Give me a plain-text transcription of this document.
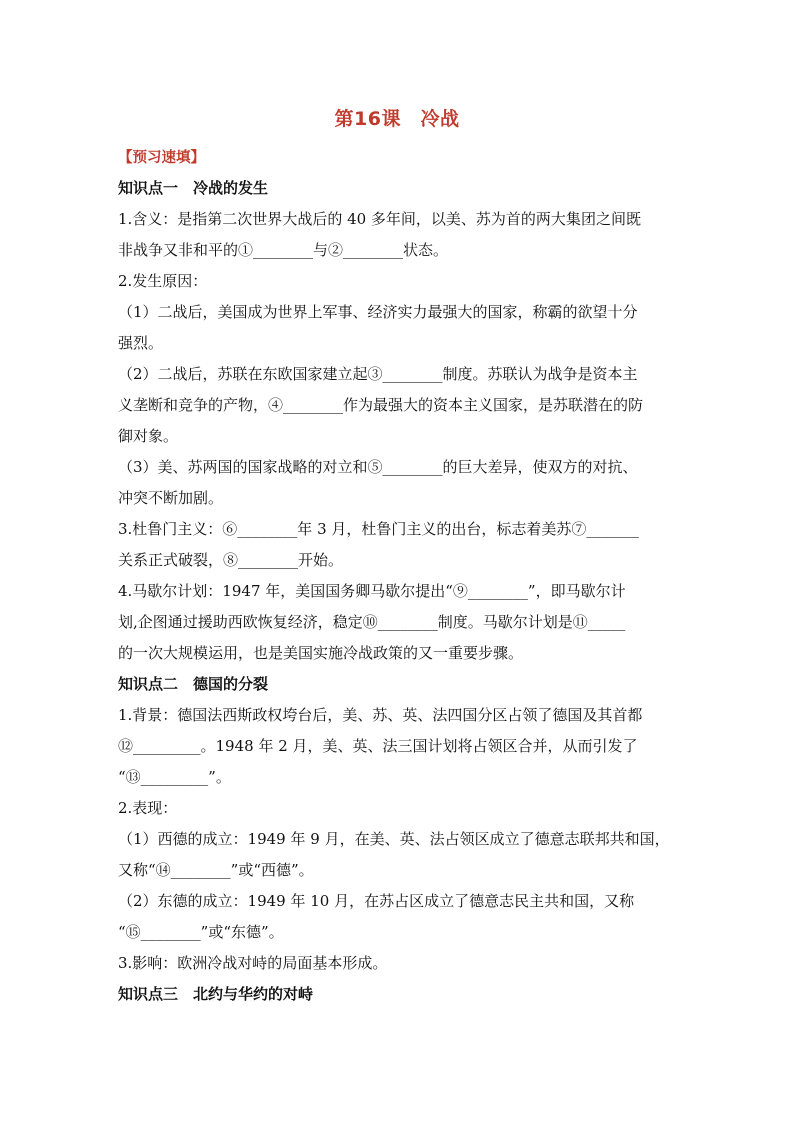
第16课　冷战
【预习速填】
知识点一　冷战的发生
1.含义：是指第二次世界大战后的 40 多年间，以美、苏为首的两大集团之间既
非战争又非和平的①________与②________状态。
2.发生原因：
（1）二战后，美国成为世界上军事、经济实力最强大的国家，称霸的欲望十分
强烈。
（2）二战后，苏联在东欧国家建立起③________制度。苏联认为战争是资本主
义垄断和竞争的产物，④________作为最强大的资本主义国家，是苏联潜在的防
御对象。
（3）美、苏两国的国家战略的对立和⑤________的巨大差异，使双方的对抗、
冲突不断加剧。
3.杜鲁门主义：⑥________年 3 月，杜鲁门主义的出台，标志着美苏⑦_______
关系正式破裂，⑧________开始。
4.马歇尔计划：1947 年，美国国务卿马歇尔提出“⑨________”，即马歇尔计
划,企图通过援助西欧恢复经济，稳定⑩________制度。马歇尔计划是⑪_____
的一次大规模运用，也是美国实施冷战政策的又一重要步骤。
知识点二　德国的分裂
1.背景：德国法西斯政权垮台后，美、苏、英、法四国分区占领了德国及其首都
⑫_________。1948 年 2 月，美、英、法三国计划将占领区合并，从而引发了
“⑬_________”。
2.表现：
（1）西德的成立：1949 年 9 月，在美、英、法占领区成立了德意志联邦共和国，
又称“⑭________”或“西德”。
（2）东德的成立：1949 年 10 月，在苏占区成立了德意志民主共和国，又称
“⑮________”或“东德”。
3.影响：欧洲冷战对峙的局面基本形成。
知识点三　北约与华约的对峙
